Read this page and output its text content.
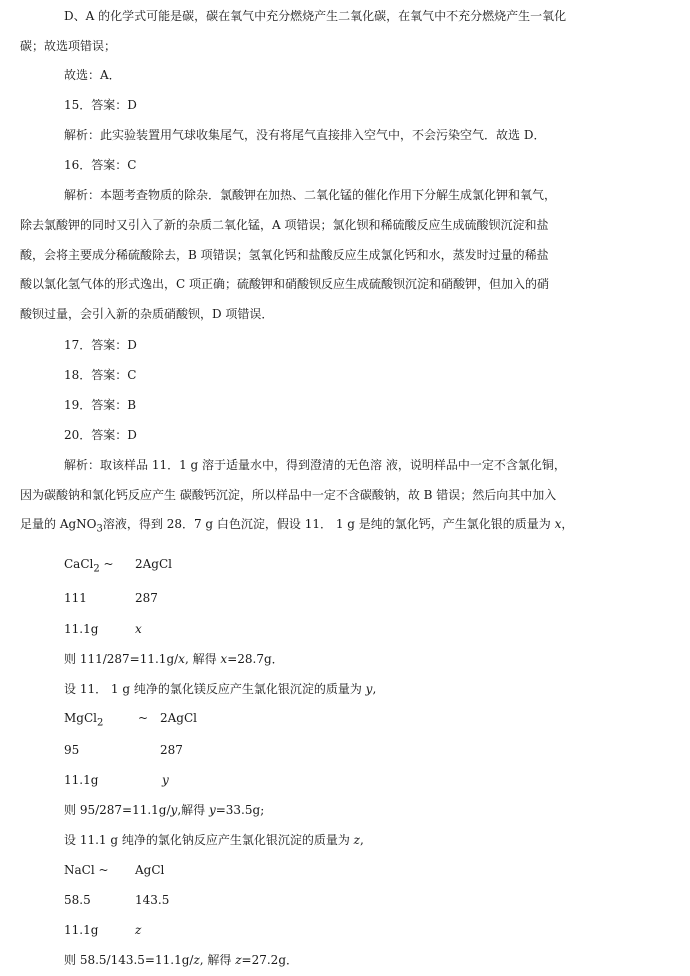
D、A 的化学式可能是碳，碳在氧气中充分燃烧产生二氧化碳，在氧气中不充分燃烧产生一氧化
碳；故选项错误；
故选：A．
15．答案：D
解析：此实验装置用气球收集尾气，没有将尾气直接排入空气中，不会污染空气．故选 D．
16．答案：C
解析：本题考查物质的除杂．氯酸钾在加热、二氧化锰的催化作用下分解生成氯化钾和氧气，
除去氯酸钾的同时又引入了新的杂质二氧化锰，A 项错误；氯化钡和稀硫酸反应生成硫酸钡沉淀和盐
酸，会将主要成分稀硫酸除去，B 项错误；氢氧化钙和盐酸反应生成氯化钙和水，蒸发时过量的稀盐
酸以氯化氢气体的形式逸出，C 项正确；硫酸钾和硝酸钡反应生成硫酸钡沉淀和硝酸钾，但加入的硝
酸钡过量，会引入新的杂质硝酸钡，D 项错误．
17．答案：D
18．答案：C
19．答案：B
20．答案：D
解析：取该样品 11．1 g 溶于适量水中，得到澄清的无色溶 液，说明样品中一定不含氯化铜，
因为碳酸钠和氯化钙反应产生 碳酸钙沉淀，所以样品中一定不含碳酸钠，故 B 错误；然后向其中加入
足量的 AgNO$_3$溶液，得到 28．7 g 白色沉淀，假设 11． 1 g 是纯的氯化钙，产生氯化银的质量为 x，
CaCl$_2$ ~ 2AgCl
111	287
11.1g	x
则 111/287=11.1g/x, 解得 x=28.7g．
设 11． 1 g 纯净的氯化镁反应产生氯化银沉淀的质量为 y,
MgCl$_2$	~ 2AgCl
95	287
11.1g	y
则 95/287=11.1g/y,解得 y=33.5g;
设 11.1 g 纯净的氯化钠反应产生氯化银沉淀的质量为 z,
NaCl ~ AgCl
58.5	143.5
11.1g	z
则 58.5/143.5=11.1g/z, 解得 z=27.2g．
